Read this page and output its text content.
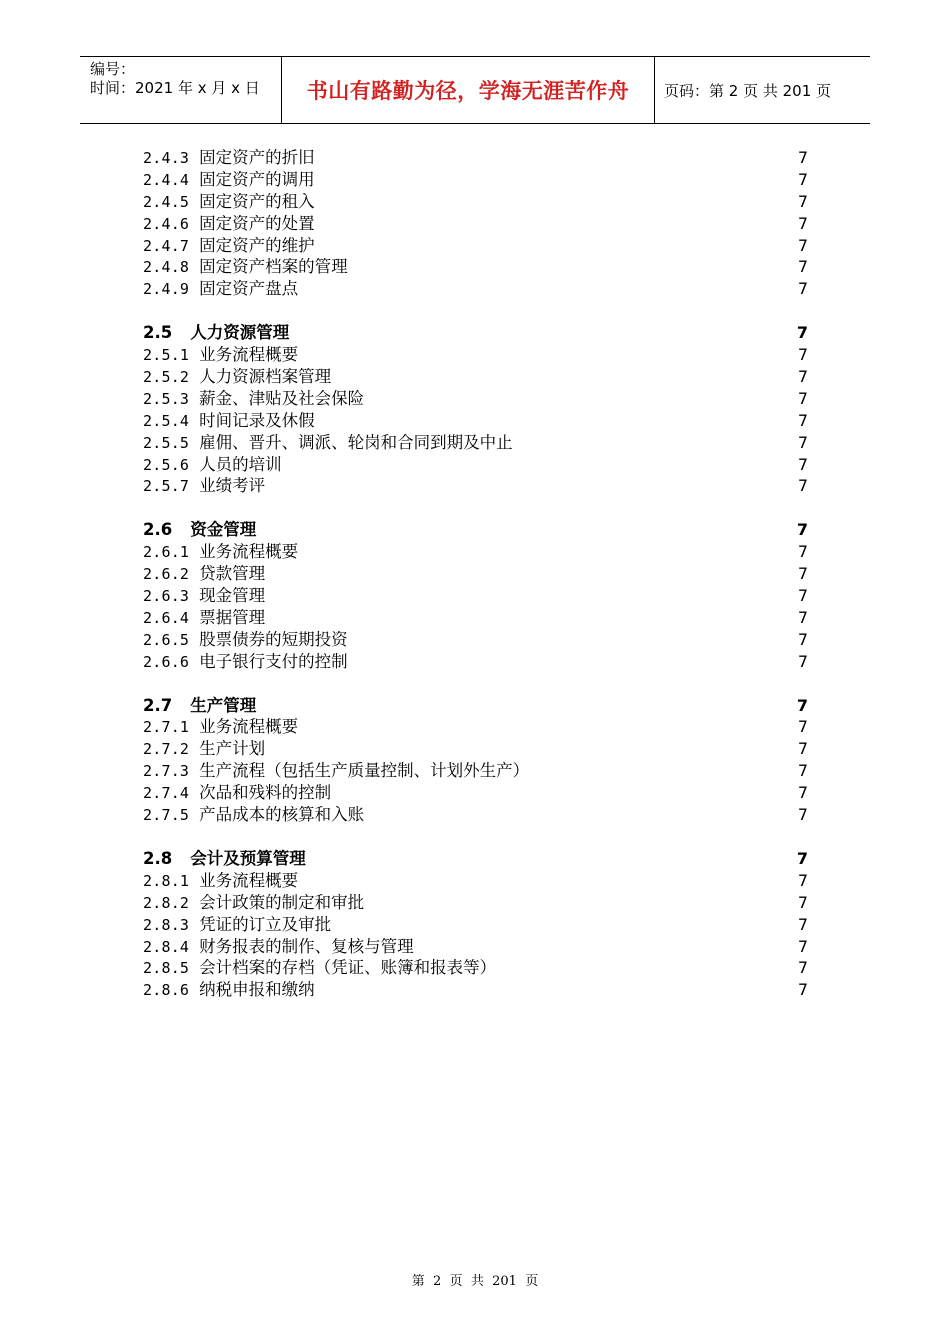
编号：
时间：2021 年 x 月 x 日	书山有路勤为径，学海无涯苦作舟	页码：第 2 页 共 201 页
2.4.3 固定资产的折旧	7
2.4.4 固定资产的调用	7
2.4.5 固定资产的租入	7
2.4.6 固定资产的处置	7
2.4.7 固定资产的维护	7
2.4.8 固定资产档案的管理	7
2.4.9 固定资产盘点	7
2.5 人力资源管理	7
2.5.1 业务流程概要	7
2.5.2 人力资源档案管理	7
2.5.3 薪金、津贴及社会保险	7
2.5.4 时间记录及休假	7
2.5.5 雇佣、晋升、调派、轮岗和合同到期及中止	7
2.5.6 人员的培训	7
2.5.7 业绩考评	7
2.6 资金管理	7
2.6.1 业务流程概要	7
2.6.2 贷款管理	7
2.6.3 现金管理	7
2.6.4 票据管理	7
2.6.5 股票债券的短期投资	7
2.6.6 电子银行支付的控制	7
2.7 生产管理	7
2.7.1 业务流程概要	7
2.7.2 生产计划	7
2.7.3 生产流程（包括生产质量控制、计划外生产）	7
2.7.4 次品和残料的控制	7
2.7.5 产品成本的核算和入账	7
2.8 会计及预算管理	7
2.8.1 业务流程概要	7
2.8.2 会计政策的制定和审批	7
2.8.3 凭证的订立及审批	7
2.8.4 财务报表的制作、复核与管理	7
2.8.5 会计档案的存档（凭证、账簿和报表等）	7
2.8.6 纳税申报和缴纳	7
第  2  页  共  201  页
